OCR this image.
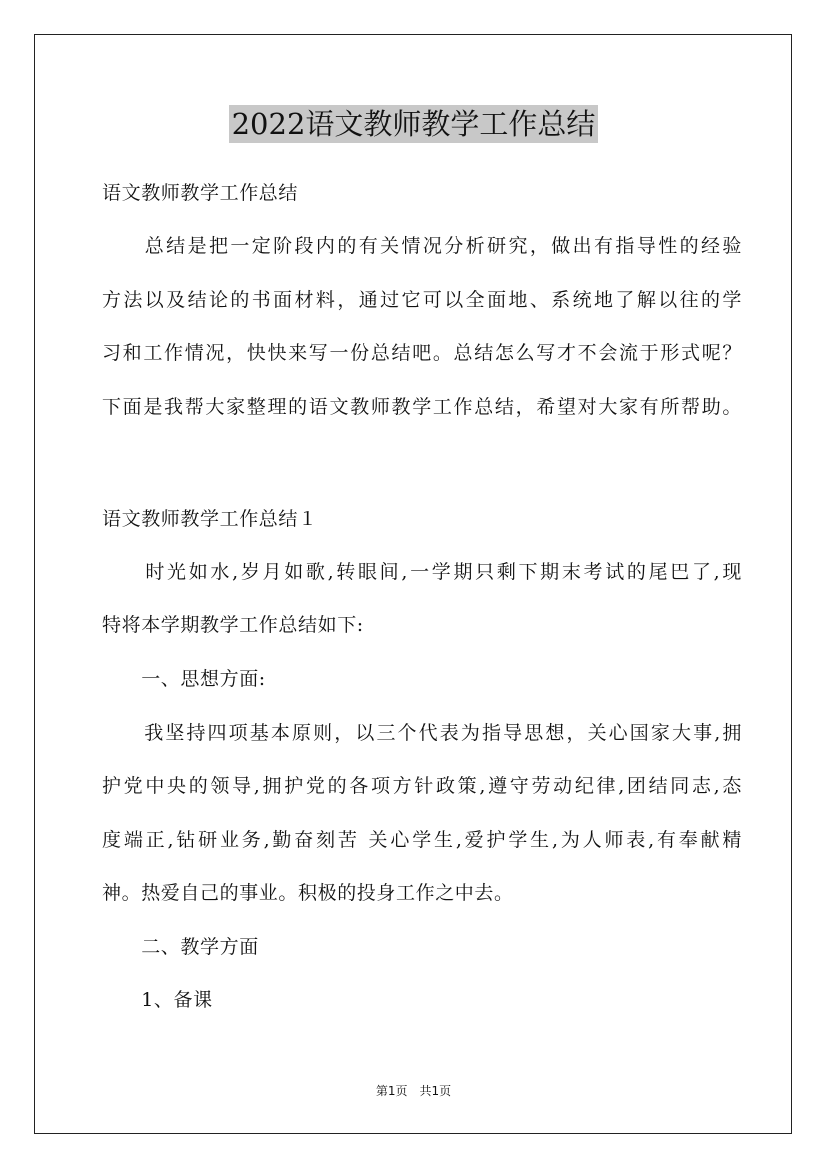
2022语文教师教学工作总结
语文教师教学工作总结
　　总结是把一定阶段内的有关情况分析研究，做出有指导性的经验
方法以及结论的书面材料，通过它可以全面地、系统地了解以往的学
习和工作情况，快快来写一份总结吧。总结怎么写才不会流于形式呢？
下面是我帮大家整理的语文教师教学工作总结，希望对大家有所帮助。
语文教师教学工作总结１
　　时光如水,岁月如歌,转眼间,一学期只剩下期末考试的尾巴了,现
特将本学期教学工作总结如下:
　　一、思想方面:
　　我坚持四项基本原则，以三个代表为指导思想，关心国家大事,拥
护党中央的领导,拥护党的各项方针政策,遵守劳动纪律,团结同志,态
度端正,钻研业务,勤奋刻苦 关心学生,爱护学生,为人师表,有奉献精
神。热爱自己的事业。积极的投身工作之中去。
　　二、教学方面
　　1、备课
第1页　共1页
